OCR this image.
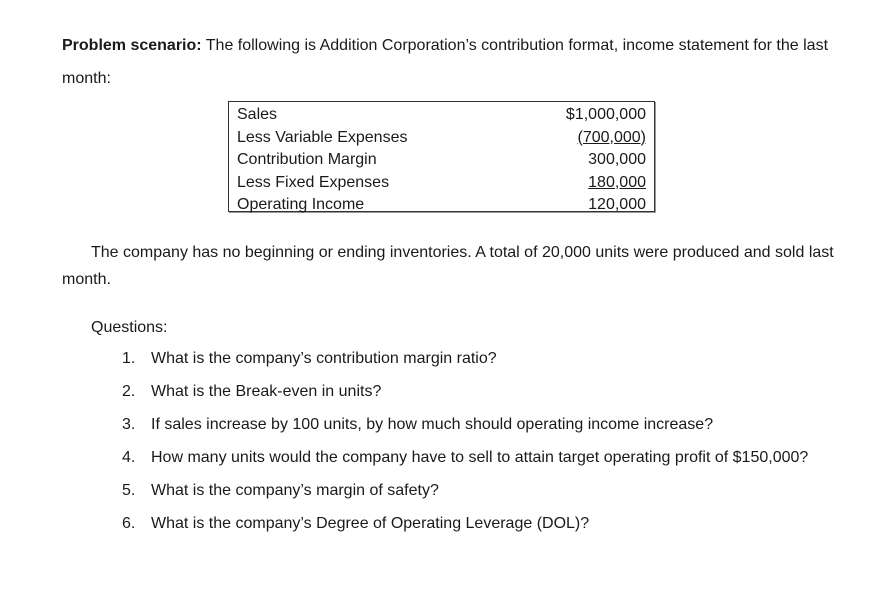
Problem scenario: The following is Addition Corporation’s contribution format, income statement for the last month:

Sales	$1,000,000
Less Variable Expenses	(700,000)
Contribution Margin	300,000
Less Fixed Expenses	180,000
Operating Income	120,000

The company has no beginning or ending inventories. A total of 20,000 units were produced and sold last month.

Questions:

1. What is the company’s contribution margin ratio?
2. What is the Break-even in units?
3. If sales increase by 100 units, by how much should operating income increase?
4. How many units would the company have to sell to attain target operating profit of $150,000?
5. What is the company’s margin of safety?
6. What is the company’s Degree of Operating Leverage (DOL)?
